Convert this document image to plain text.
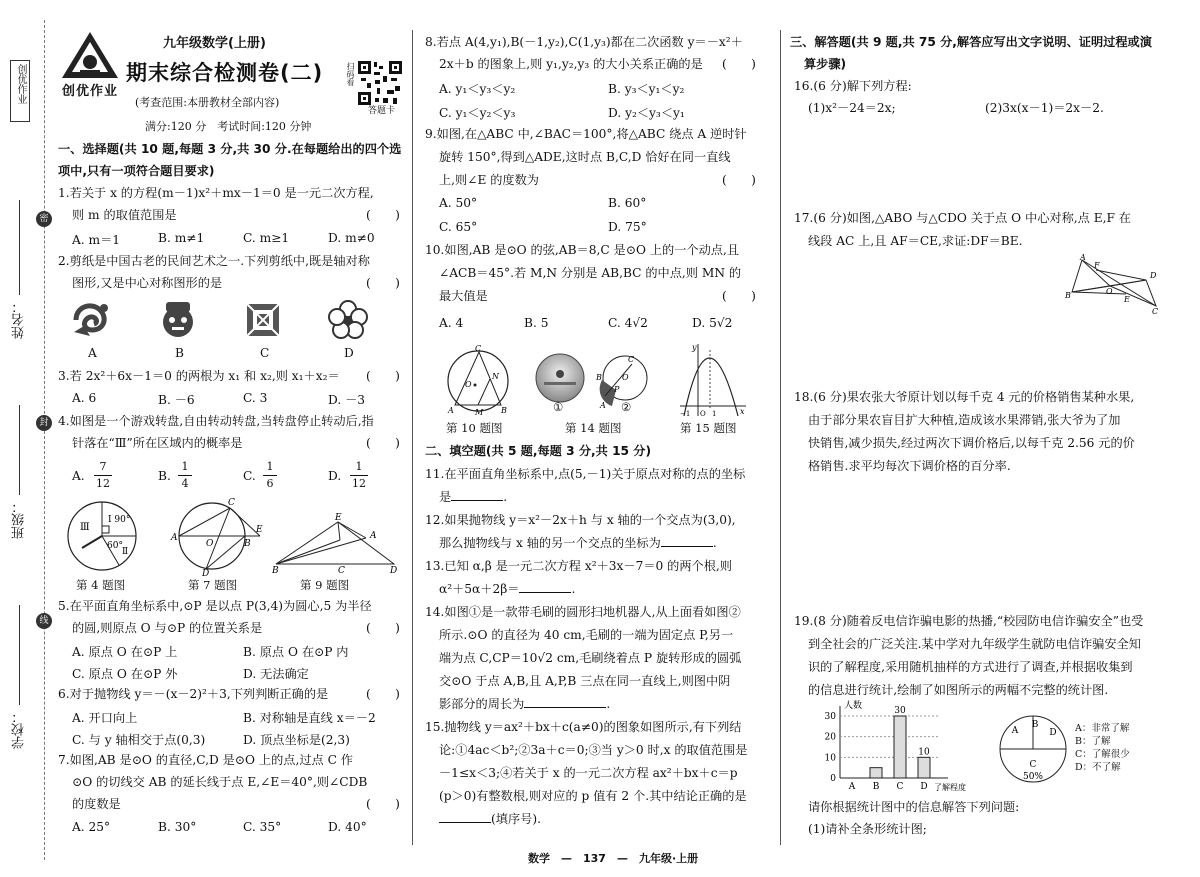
创优作业
密
封
线
姓名：
班级：
学校：
创优作业
九年级数学(上册)
期末综合检测卷(二)
(考查范围:本册教材全部内容)
满分:120 分　考试时间:120 分钟
扫码看
答题卡
一、选择题(共 10 题,每题 3 分,共 30 分.在每题给出的四个选
项中,只有一项符合题目要求)
1.若关于 x 的方程(m－1)x²＋mx－1＝0 是一元二次方程,
则 m 的取值范围是	(　　)
A. m＝1	B. m≠1	C. m≥1	D. m≠0
2.剪纸是中国古老的民间艺术之一.下列剪纸中,既是轴对称
图形,又是中心对称图形的是	(　　)
A	B	C	D
3.若 2x²＋6x－1＝0 的两根为 x₁ 和 x₂,则 x₁＋x₂＝ (　　)
A. 6	B. －6	C. 3	D. －3
4.如图是一个游戏转盘,自由转动转盘,当转盘停止转动后,指
针落在“Ⅲ”所在区域内的概率是	(　　)
A.
7
12
B.
1
4
C.
1
6
D.
1
12
Ⅲ
Ⅰ 90°
60°
Ⅱ
C
A
O	B
E
D
E
B	C	D
A
第 4 题图	第 7 题图	第 9 题图
5.在平面直角坐标系中,⊙P 是以点 P(3,4)为圆心,5 为半径
的圆,则原点 O 与⊙P 的位置关系是	(　　)
A. 原点 O 在⊙P 上	B. 原点 O 在⊙P 内
C. 原点 O 在⊙P 外	D. 无法确定
6.对于抛物线 y＝－(x－2)²＋3,下列判断正确的是	(　　)
A. 开口向上	B. 对称轴是直线 x＝－2
C. 与 y 轴相交于点(0,3)	D. 顶点坐标是(2,3)
7.如图,AB 是⊙O 的直径,C,D 是⊙O 上的点,过点 C 作
⊙O 的切线交 AB 的延长线于点 E,∠E＝40°,则∠CDB
的度数是	(　　)
A. 25°	B. 30°	C. 35°	D. 40°
8.若点 A(4,y₁),B(－1,y₂),C(1,y₃)都在二次函数 y＝－x²＋
2x＋b 的图象上,则 y₁,y₂,y₃ 的大小关系正确的是 (　　)
A. y₁＜y₃＜y₂	B. y₃＜y₁＜y₂
C. y₁＜y₂＜y₃	D. y₂＜y₃＜y₁
9.如图,在△ABC 中,∠BAC＝100°,将△ABC 绕点 A 逆时针
旋转 150°,得到△ADE,这时点 B,C,D 恰好在同一直线
上,则∠E 的度数为	(　　)
A. 50°	B. 60°
C. 65°	D. 75°
10.如图,AB 是⊙O 的弦,AB＝8,C 是⊙O 上的一个动点,且
∠ACB＝45°.若 M,N 分别是 AB,BC 的中点,则 MN 的
最大值是	(　　)
A. 4	B. 5	C. 4√2	D. 5√2
C
O
N
A	M B
C
O
P
B
A
①	②
y
x
−1 O 1
第 10 题图	第 14 题图	第 15 题图
二、填空题(共 5 题,每题 3 分,共 15 分)
11.在平面直角坐标系中,点(5,－1)关于原点对称的点的坐标
是	.
12.如果抛物线 y＝x²－2x＋h 与 x 轴的一个交点为(3,0),
那么抛物线与 x 轴的另一个交点的坐标为	.
13.已知 α,β 是一元二次方程 x²＋3x－7＝0 的两个根,则
α²＋5α＋2β＝	.
14.如图①是一款带毛刷的圆形扫地机器人,从上面看如图②
所示.⊙O 的直径为 40 cm,毛刷的一端为固定点 P,另一
端为点 C,CP＝10√2 cm,毛刷绕着点 P 旋转形成的圆弧
交⊙O 于点 A,B,且 A,P,B 三点在同一直线上,则图中阴
影部分的周长为	.
15.抛物线 y＝ax²＋bx＋c(a≠0)的图象如图所示,有下列结
论:①4ac＜b²;②3a＋c＝0;③当 y＞0 时,x 的取值范围是
－1≤x＜3;④若关于 x 的一元二次方程 ax²＋bx＋c＝p
(p＞0)有整数根,则对应的 p 值有 2 个.其中结论正确的是
(填序号).
三、解答题(共 9 题,共 75 分,解答应写出文字说明、证明过程或演
算步骤)
16.(6 分)解下列方程:
(1)x²－24＝2x;	(2)3x(x－1)＝2x－2.
17.(6 分)如图,△ABO 与△CDO 关于点 O 中心对称,点 E,F 在
线段 AC 上,且 AF＝CE,求证:DF＝BE.
A
F
B	O
E
D
C
18.(6 分)果农张大爷原计划以每千克 4 元的价格销售某种水果,
由于部分果农盲目扩大种植,造成该水果滞销,张大爷为了加
快销售,减少损失,经过两次下调价格后,以每千克 2.56 元的价
格销售.求平均每次下调价格的百分率.
19.(8 分)随着反电信诈骗电影的热播,“校园防电信诈骗安全”也受
到全社会的广泛关注.某中学对九年级学生就防电信诈骗安全知
识的了解程度,采用随机抽样的方式进行了调查,并根据收集到
的信息进行统计,绘制了如图所示的两幅不完整的统计图.
人数
了解程度
0
10
20
30
A B C
30
D
10
A
B
C
D
50%
A：非常了解
B：了解
C：了解很少
D：不了解
请你根据统计图中的信息解答下列问题:
(1)请补全条形统计图;
数学　—　137　—　九年级·上册
